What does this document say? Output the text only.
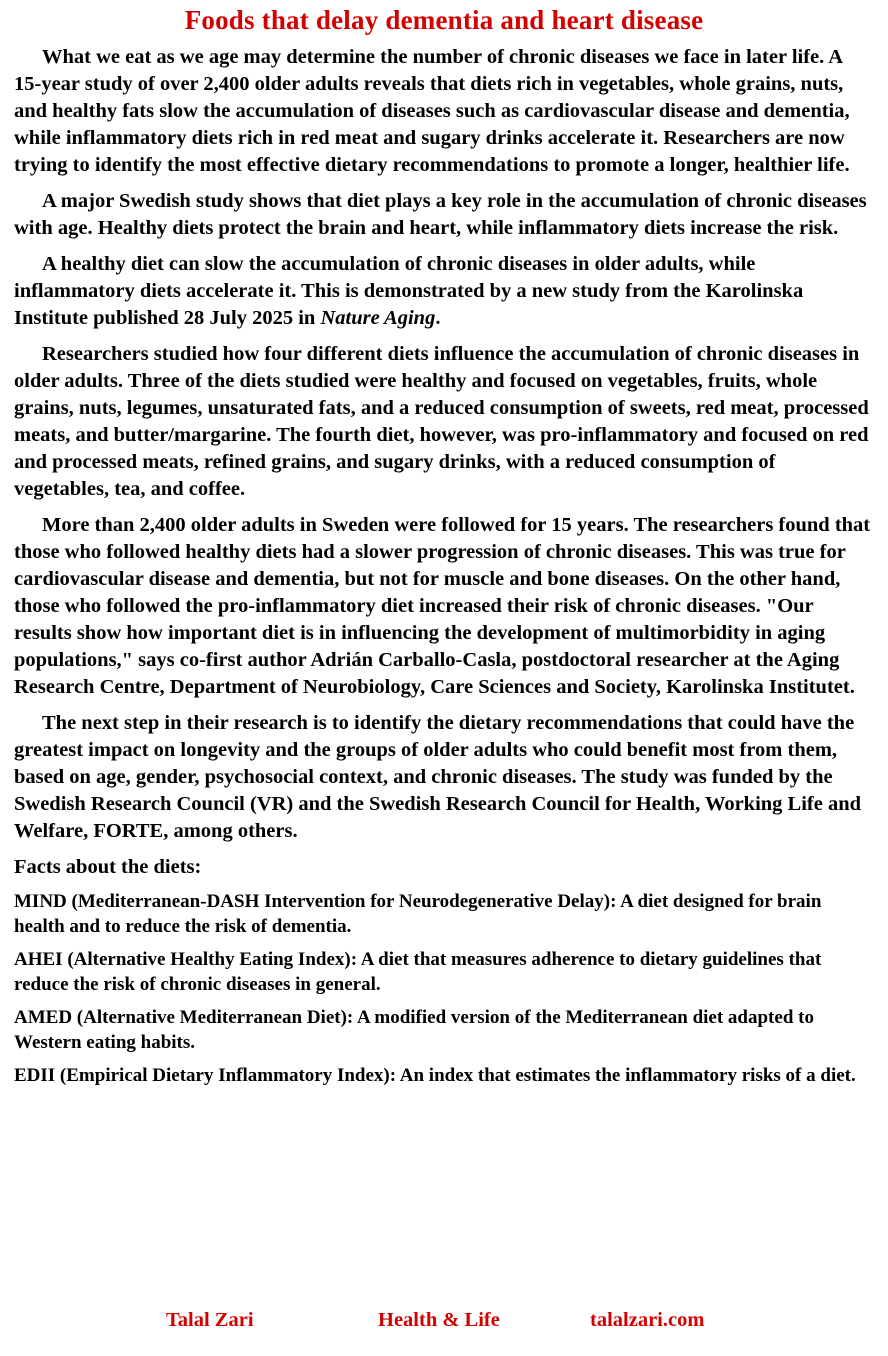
Foods that delay dementia and heart disease

What we eat as we age may determine the number of chronic diseases we face in later life. A 15-year study of over 2,400 older adults reveals that diets rich in vegetables, whole grains, nuts, and healthy fats slow the accumulation of diseases such as cardiovascular disease and dementia, while inflammatory diets rich in red meat and sugary drinks accelerate it. Researchers are now trying to identify the most effective dietary recommendations to promote a longer, healthier life.

A major Swedish study shows that diet plays a key role in the accumulation of chronic diseases with age. Healthy diets protect the brain and heart, while inflammatory diets increase the risk.

A healthy diet can slow the accumulation of chronic diseases in older adults, while inflammatory diets accelerate it. This is demonstrated by a new study from the Karolinska Institute published 28 July 2025 in Nature Aging.

Researchers studied how four different diets influence the accumulation of chronic diseases in older adults. Three of the diets studied were healthy and focused on vegetables, fruits, whole grains, nuts, legumes, unsaturated fats, and a reduced consumption of sweets, red meat, processed meats, and butter/margarine. The fourth diet, however, was pro-inflammatory and focused on red and processed meats, refined grains, and sugary drinks, with a reduced consumption of vegetables, tea, and coffee.

More than 2,400 older adults in Sweden were followed for 15 years. The researchers found that those who followed healthy diets had a slower progression of chronic diseases. This was true for cardiovascular disease and dementia, but not for muscle and bone diseases. On the other hand, those who followed the pro-inflammatory diet increased their risk of chronic diseases. "Our results show how important diet is in influencing the development of multimorbidity in aging populations," says co-first author Adrián Carballo-Casla, postdoctoral researcher at the Aging Research Centre, Department of Neurobiology, Care Sciences and Society, Karolinska Institutet.

The next step in their research is to identify the dietary recommendations that could have the greatest impact on longevity and the groups of older adults who could benefit most from them, based on age, gender, psychosocial context, and chronic diseases. The study was funded by the Swedish Research Council (VR) and the Swedish Research Council for Health, Working Life and Welfare, FORTE, among others.

Facts about the diets:

MIND (Mediterranean-DASH Intervention for Neurodegenerative Delay): A diet designed for brain health and to reduce the risk of dementia.

AHEI (Alternative Healthy Eating Index): A diet that measures adherence to dietary guidelines that reduce the risk of chronic diseases in general.

AMED (Alternative Mediterranean Diet): A modified version of the Mediterranean diet adapted to Western eating habits.

EDII (Empirical Dietary Inflammatory Index): An index that estimates the inflammatory risks of a diet.

Talal Zari	Health & Life	talalzari.com
